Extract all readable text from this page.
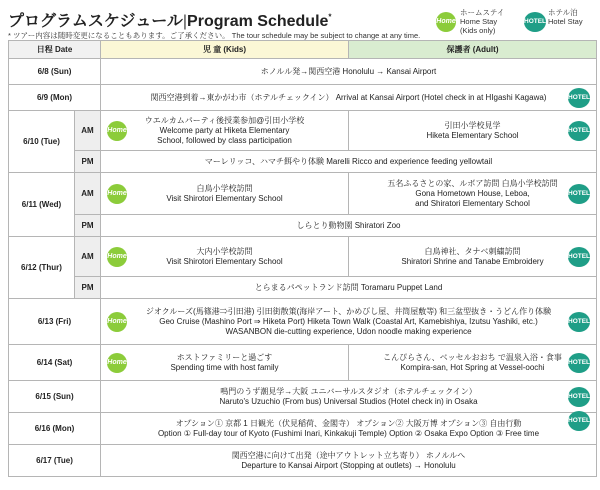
プログラムスケジュール|Program Schedule*
* ツアー内容は随時変更になることもあります。ご了承ください。 The tour schedule may be subject to change at any time.
Home
ホームステイ
Home Stay
(Kids only)
HOTEL
ホテル泊
Hotel Stay
日程 Date		児 童 (Kids)	保護者 (Adult)
6/8 (Sun)		ホノルル発→関西空港 Honolulu → Kansai Airport	
6/9 (Mon)		関西空港到着→東かがわ市（ホテルチェックイン） Arrival at Kansai Airport (Hotel check in at HIgashi Kagawa) HOTEL	

6/10 (Tue)	AM	Home
ウエルカムパーティ後授業参加@引田小学校
Welcome party at Hiketa Elementary
School, followed by class participation	引田小学校見学
Hiketa Elementary School
HOTEL

	PM	マーレリッコ、ハマチ餌やり体験 Marelli Ricco and experience feeding yellowtail	
6/11 (Wed)	AM	Home
白鳥小学校訪問
Visit Shirotori Elementary School	五名ふるさとの家、ルボア訪問 白鳥小学校訪問
Gona Hometown House, Leboa,
and Shiratori Elementary School
HOTEL

	PM	しらとり動物園 Shiratori Zoo	
6/12 (Thur)	AM	Home
大内小学校訪問
Visit Shirotori Elementary School	白鳥神社、タナベ刺繍訪問
Shiratori Shrine and Tanabe Embroidery
HOTEL

	PM	とらまるパペットランド訪問 Toramaru Puppet Land	
6/13 (Fri)		Home
ジオクルーズ(馬篠港⇒引田港) 引田街散策(海岸アート、かめびし屋、井筒屋敷等) 和三盆型抜き・うどん作り体験
Geo Cruise (Mashino Port ⇒ Hiketa Port) Hiketa Town Walk (Coastal Art, Kamebishiya, Izutsu Yashiki, etc.)
WASANBON die-cutting experience, Udon noodle making experience
HOTEL	

6/14 (Sat)		Home
ホストファミリーと過ごす
Spending time with host family	こんぴらさん、ベッセルおおち で温泉入浴・食事
Kompira-san, Hot Spring at Vessel-oochi
HOTEL

6/15 (Sun)		鳴門のうず潮見学→大阪 ユニバーサルスタジオ（ホテルチェックイン）
Naruto's Uzuchio (From bus) Universal Studios (Hotel check in) in Osaka
HOTEL	

6/16 (Mon)		オプション① 京都 1 日観光（伏見稲荷、金閣寺） オプション② 大阪万博 オプション③ 自由行動
Option ① Full-day tour of Kyoto (Fushimi Inari, Kinkakuji Temple) Option ② Osaka Expo Option ③ Free time
HOTEL	

6/17 (Tue)		関西空港に向けて出発（途中アウトレット立ち寄り） ホノルルへ
Departure to Kansai Airport (Stopping at outlets) → Honolulu	
